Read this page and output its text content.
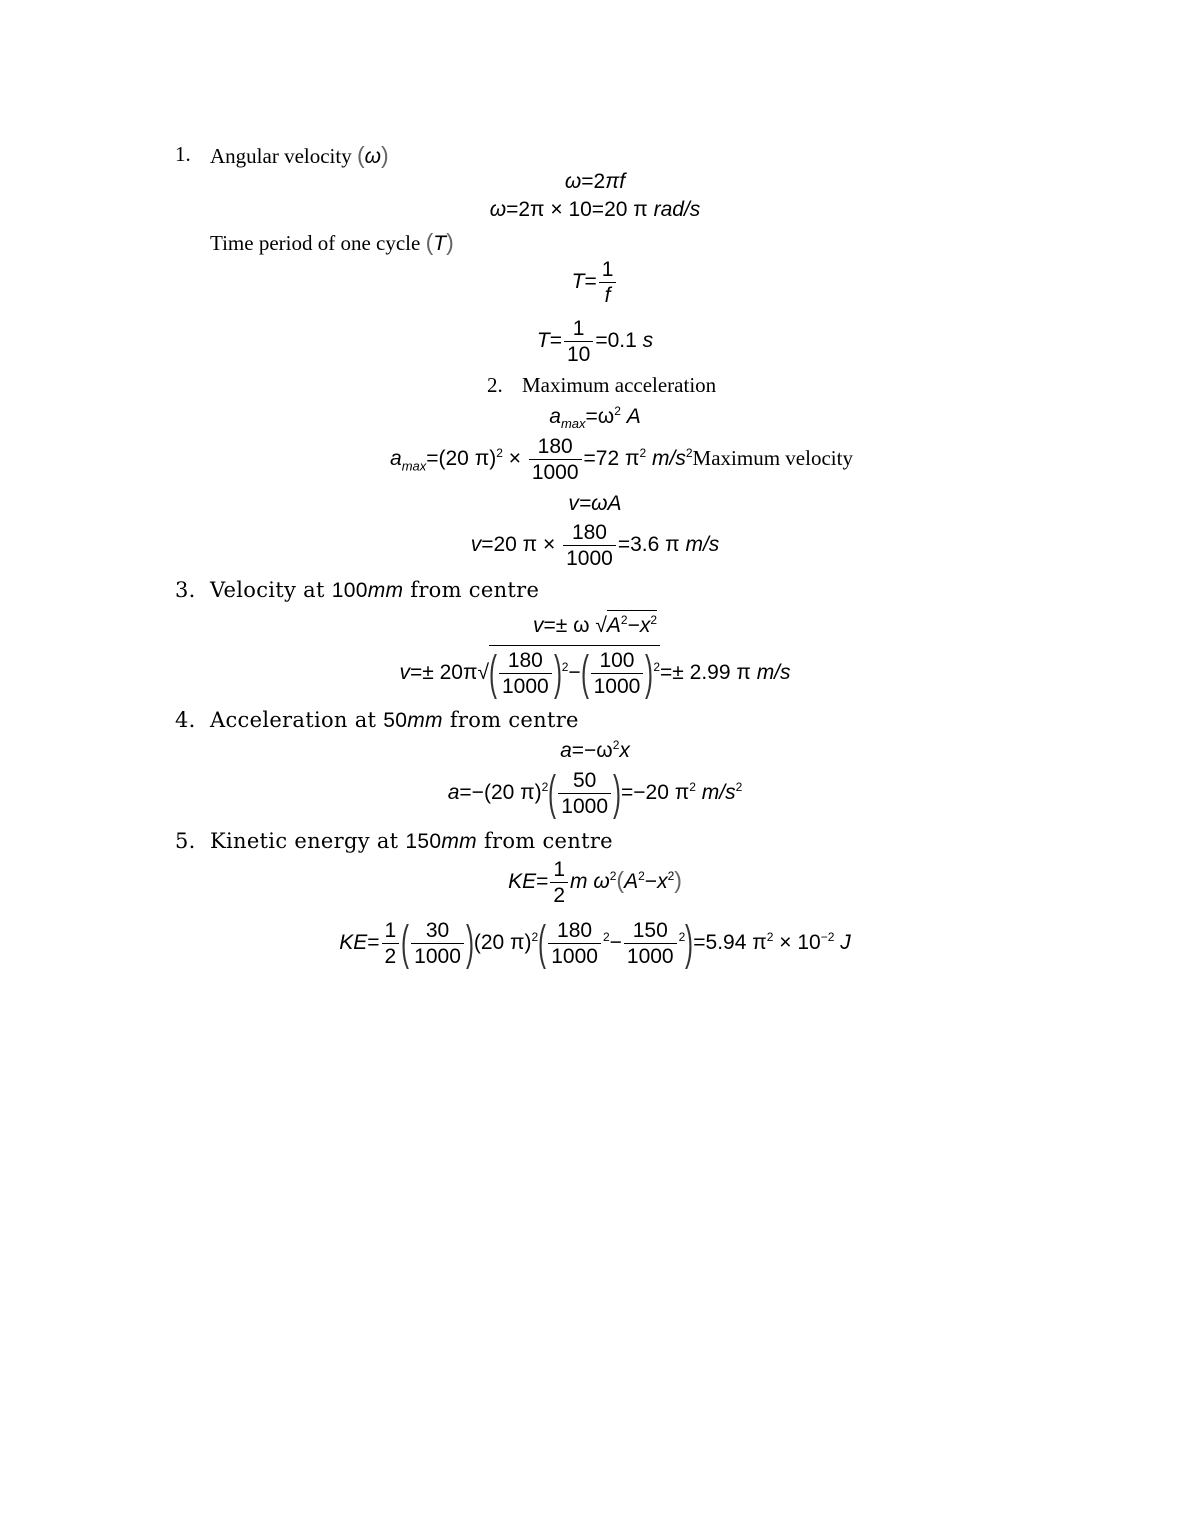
1. Angular velocity (ω)
ω=2πf
ω=2π × 10=20 π rad/s
Time period of one cycle (T)
$T= \frac{1}{f}$
$T= \frac{1}{10} =0.1$ s
2. Maximum acceleration
$a_{max}=\omega^2$ A
$a_{max}=(20$ $\pi)^2 \times \frac{180}{1000} =72$ $\pi^2$ $m/s^2Maximum$ velocity
v=ωA
v=20 $\pi \times \frac{180}{1000} =3.6$ π m/s
3. Velocity at 100mm from centre
v=± ω $√A^2-x^2$
$v=\pm 20\pi√( \frac{180}{1000} )^2-( \frac{100}{1000} )^2=\pm 2.99$ π m/s
4. Acceleration at 50mm from centre
$a=-\omega^2x$
a=−(20 $\pi)^2( \frac{50}{1000} )=-20$ $\pi^2$ $m/s^2$
5. Kinetic energy at 150mm from centre
$KE= \frac{1}{2}$ m $\omega^2(A^2-x^2)$
$KE= \frac{1}{2}$ ( $\frac{30}{1000} )(20$ $\pi)^2( \frac{180}{1000} ^2- \frac{150}{1000} ^2)=5.94$ $\pi^2 \times 10^{-2}$ J
